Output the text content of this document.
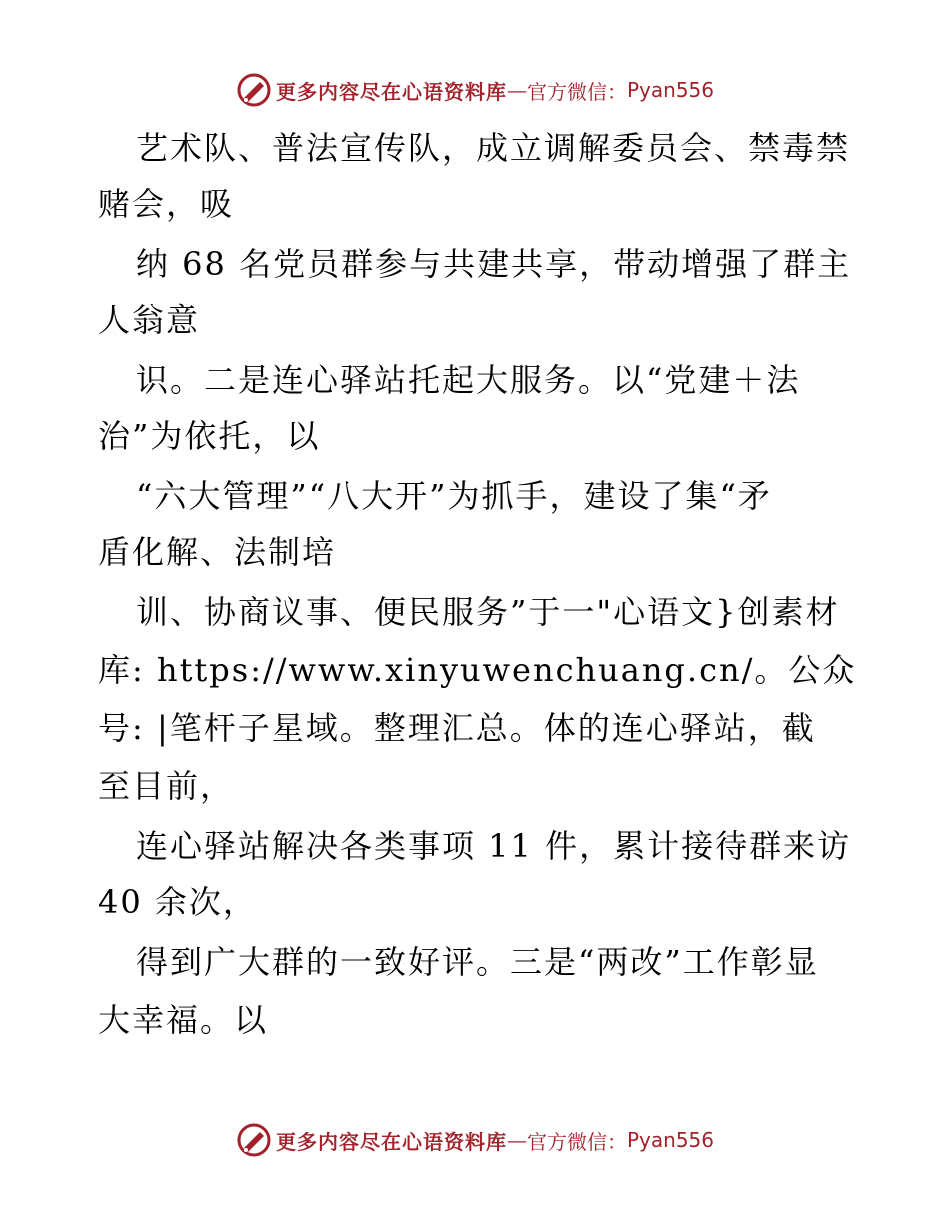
更多内容尽在心语资料库 — 官方微信： Pyan556
艺术队、普法宣传队，成立调解委员会、禁毒禁
赌会，吸
纳 68 名党员群参与共建共享，带动增强了群主
人翁意
识。二是连心驿站托起大服务。以“党建＋法
治”为依托，以
“六大管理”“八大开”为抓手，建设了集“矛
盾化解、法制培
训、协商议事、便民服务”于一"心语文}创素材
库: https://www.xinyuwenchuang.cn/。公众
号: |笔杆子星域。整理汇总。体的连心驿站，截
至目前，
连心驿站解决各类事项 11 件，累计接待群来访
40 余次，
得到广大群的一致好评。三是“两改”工作彰显
大幸福。以
更多内容尽在心语资料库 — 官方微信： Pyan556
